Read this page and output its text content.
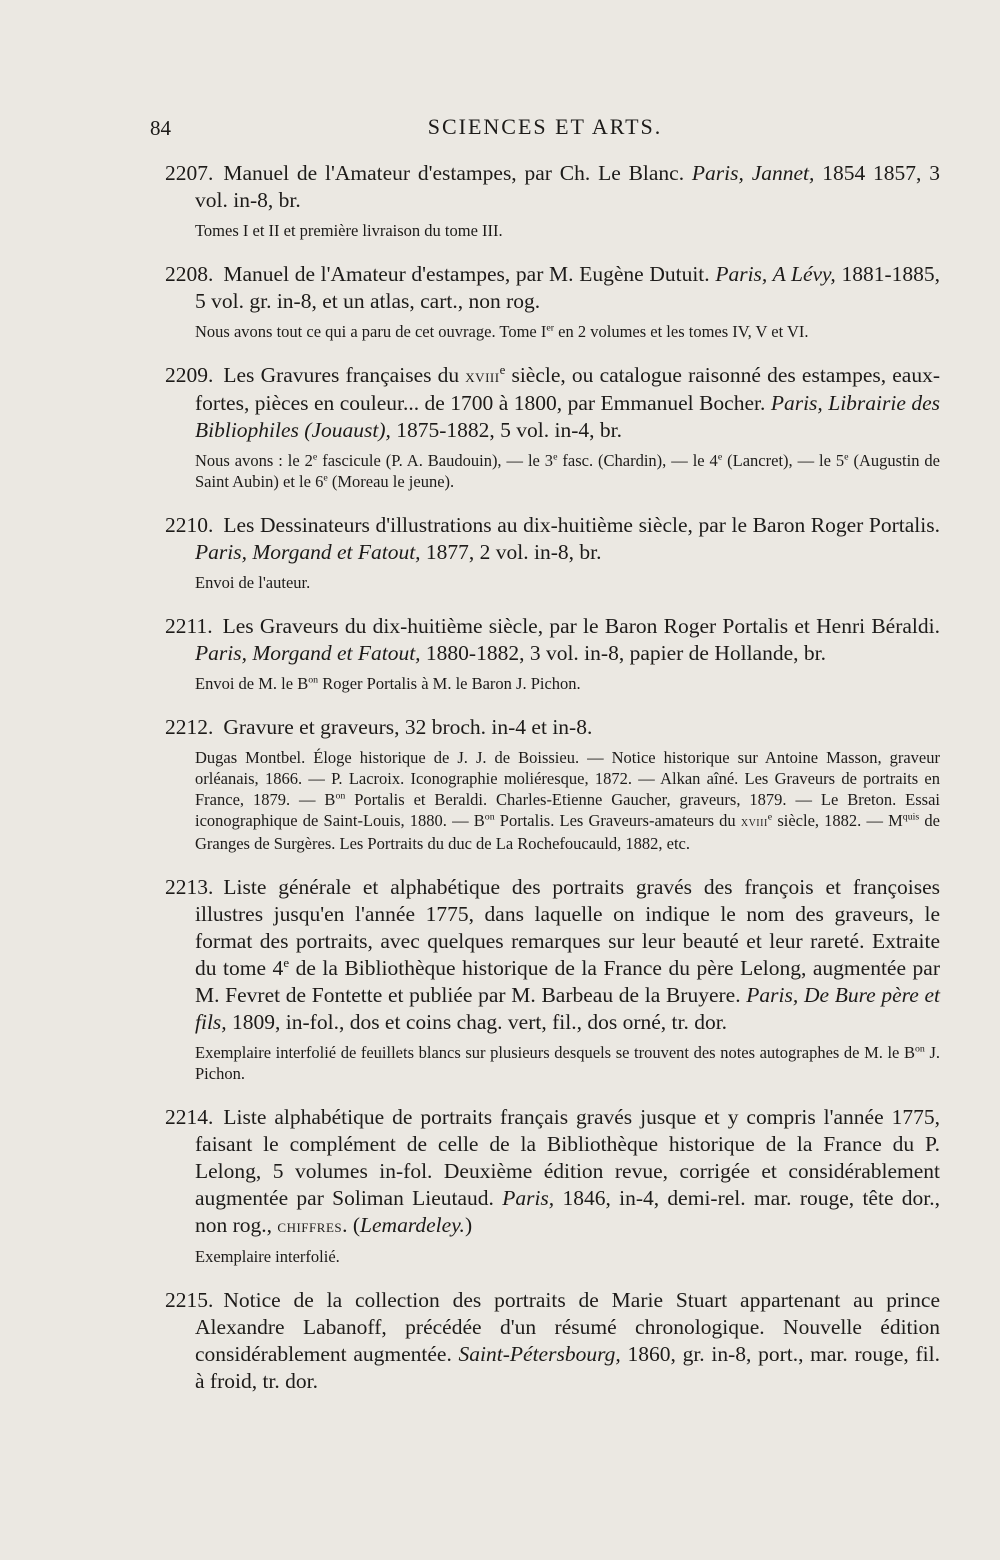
84	SCIENCES ET ARTS.
2207 . Manuel de l'Amateur d'estampes, par Ch. Le Blanc. Paris, Jannet, 1854 1857, 3 vol. in-8, br.
Tomes I et II et première livraison du tome III.
2208 . Manuel de l'Amateur d'estampes, par M. Eugène Dutuit. Paris, A Lévy, 1881-1885, 5 vol. gr. in-8, et un atlas, cart., non rog.
Nous avons tout ce qui a paru de cet ouvrage. Tome Ier en 2 volumes et les tomes IV, V et VI.
2209 . Les Gravures françaises du xviii$^e$ siècle, ou catalogue raisonné des estampes, eaux-fortes, pièces en couleur... de 1700 à 1800, par Emmanuel Bocher. Paris, Librairie des Bibliophiles (Jouaust), 1875-1882, 5 vol. in-4, br.
Nous avons : le 2e fascicule (P. A. Baudouin), — le 3e fasc. (Chardin), — le 4e (Lancret), — le 5e (Augustin de Saint Aubin) et le 6e (Moreau le jeune).
2210 . Les Dessinateurs d'illustrations au dix-huitième siècle, par le Baron Roger Portalis. Paris, Morgand et Fatout, 1877, 2 vol. in-8, br.
Envoi de l'auteur.
2211 . Les Graveurs du dix-huitième siècle, par le Baron Roger Portalis et Henri Béraldi. Paris, Morgand et Fatout, 1880-1882, 3 vol. in-8, papier de Hollande, br.
Envoi de M. le $B^{on}$ Roger Portalis à M. le Baron J. Pichon.
2212 . Gravure et graveurs, 32 broch. in-4 et in-8.
Dugas Montbel. Éloge historique de J. J. de Boissieu. — Notice historique sur Antoine Masson, graveur orléanais, 1866. — P. Lacroix. Iconographie moliéresque, 1872. — Alkan aîné. Les Graveurs de portraits en France, 1879. — $B^{on}$ Portalis et Beraldi. Charles-Etienne Gaucher, graveurs, 1879. — Le Breton. Essai iconographique de Saint-Louis, 1880. — $B^{on}$ Portalis. Les Graveurs-amateurs du xviii$^e$ siècle, 1882. — $M^{quis}$ de Granges de Surgères. Les Portraits du duc de La Rochefoucauld, 1882, etc.
2213 . Liste générale et alphabétique des portraits gravés des françois et françoises illustres jusqu'en l'année 1775, dans laquelle on indique le nom des graveurs, le format des portraits, avec quelques remarques sur leur beauté et leur rareté. Extraite du tome 4e de la Bibliothèque historique de la France du père Lelong, augmentée par M. Fevret de Fontette et publiée par M. Barbeau de la Bruyere. Paris, De Bure père et fils, 1809, in-fol., dos et coins chag. vert, fil., dos orné, tr. dor.
Exemplaire interfolié de feuillets blancs sur plusieurs desquels se trouvent des notes autographes de M. le $B^{on}$ J. Pichon.
2214 . Liste alphabétique de portraits français gravés jusque et y compris l'année 1775, faisant le complément de celle de la Bibliothèque historique de la France du P. Lelong, 5 volumes in-fol. Deuxième édition revue, corrigée et considérablement augmentée par Soliman Lieutaud. Paris, 1846, in-4, demi-rel. mar. rouge, tête dor., non rog., chiffres. (Lemardeley.)
Exemplaire interfolié.
2215 . Notice de la collection des portraits de Marie Stuart appartenant au prince Alexandre Labanoff, précédée d'un résumé chronologique. Nouvelle édition considérablement augmentée. Saint-Pétersbourg, 1860, gr. in-8, port., mar. rouge, fil. à froid, tr. dor.
